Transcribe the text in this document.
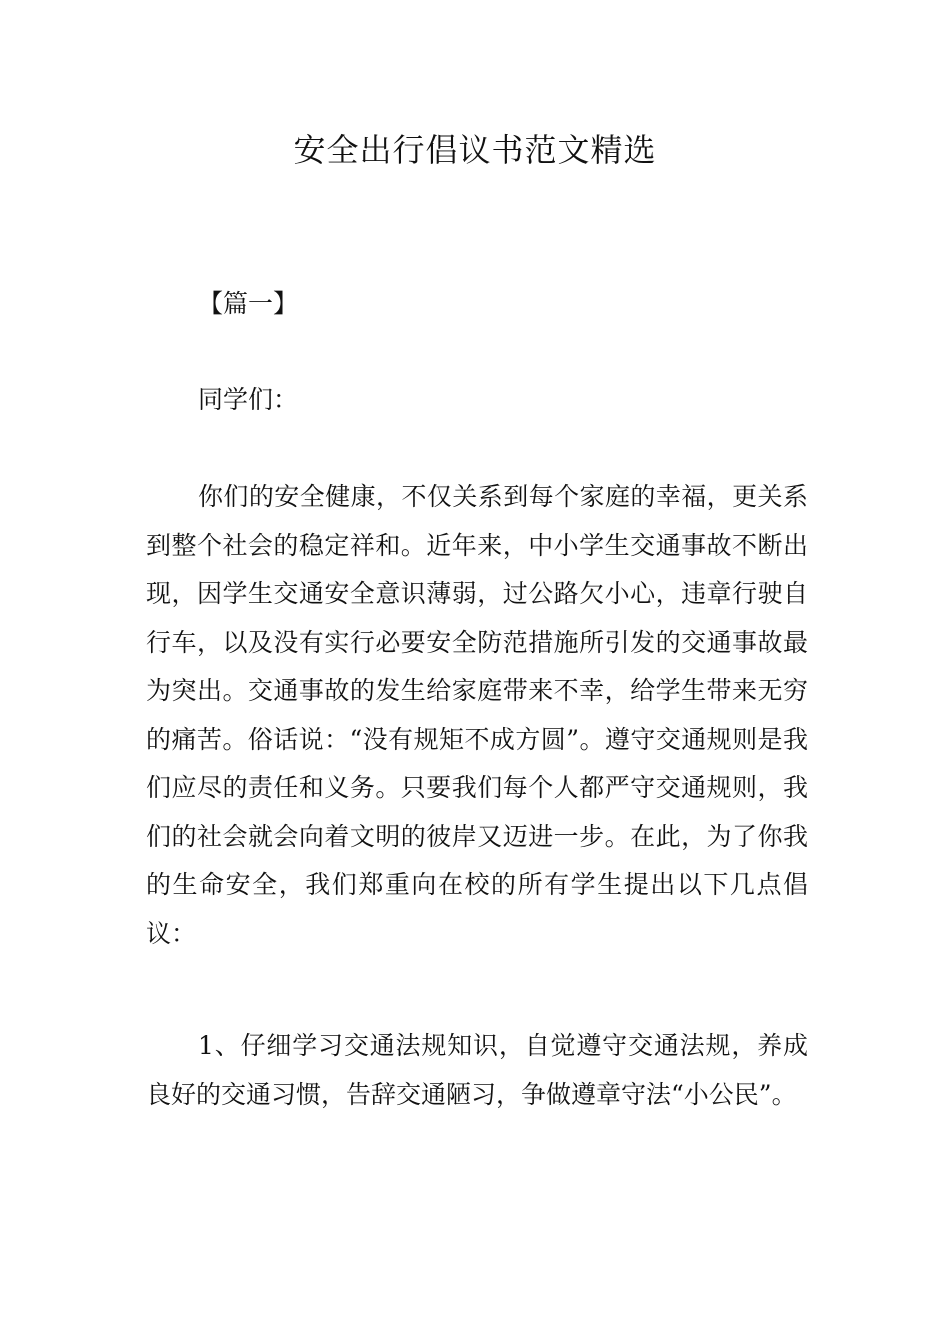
安全出行倡议书范文精选

【篇一】

同学们：

你们的安全健康，不仅关系到每个家庭的幸福，更关系到整个社会的稳定祥和。近年来，中小学生交通事故不断出现，因学生交通安全意识薄弱，过公路欠小心，违章行驶自行车，以及没有实行必要安全防范措施所引发的交通事故最为突出。交通事故的发生给家庭带来不幸，给学生带来无穷的痛苦。俗话说：“没有规矩不成方圆”。遵守交通规则是我们应尽的责任和义务。只要我们每个人都严守交通规则，我们的社会就会向着文明的彼岸又迈进一步。在此，为了你我的生命安全，我们郑重向在校的所有学生提出以下几点倡议：

1、仔细学习交通法规知识，自觉遵守交通法规，养成良好的交通习惯，告辞交通陋习，争做遵章守法“小公民”。
